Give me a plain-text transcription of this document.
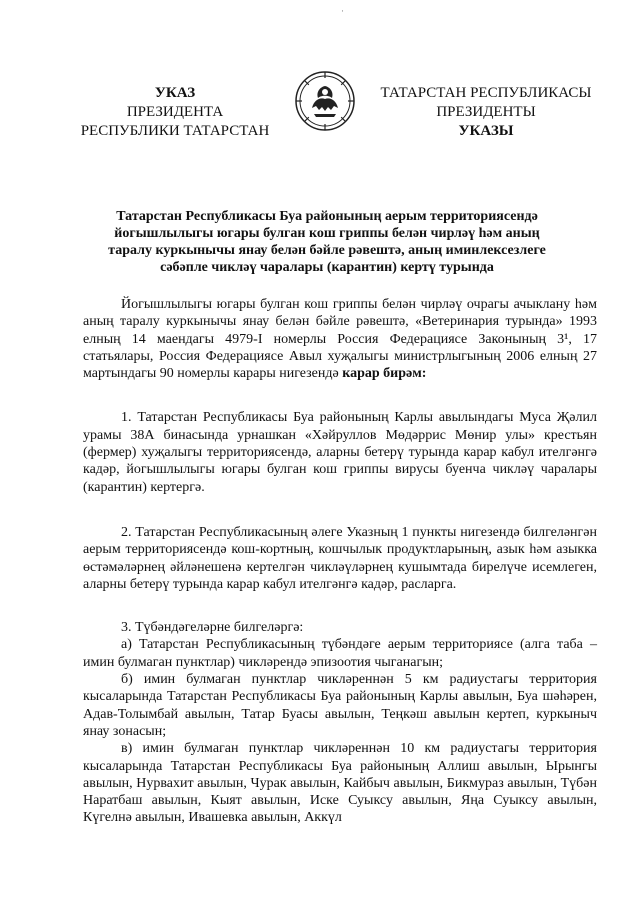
·
УКАЗ
ПРЕЗИДЕНТА
РЕСПУБЛИКИ ТАТАРСТАН
ТАТАРСТАН РЕСПУБЛИКАСЫ
ПРЕЗИДЕНТЫ
УКАЗЫ
Татарстан Республикасы Буа районының аерым территориясендә
йогышлылыгы югары булган кош гриппы белән чирләү һәм аның
таралу куркынычы янау белән бәйле рәвештә, аның иминлексезлеге
сәбәпле чикләү чаралары (карантин) кертү турында

Йогышлылыгы югары булган кош гриппы белән чирләү очрагы ачыклану һәм аның таралу куркынычы янау белән бәйле рәвештә, «Ветеринария турында» 1993 елның 14 маендагы 4979-I номерлы Россия Федерациясе Законының 3¹, 17 статьялары, Россия Федерациясе Авыл хуҗалыгы министрлыгының 2006 елның 27 мартындагы 90 номерлы карары нигезендә карар бирәм:

1. Татарстан Республикасы Буа районының Карлы авылындагы Муса Җәлил урамы 38А бинасында урнашкан «Хәйруллов Мөдәррис Мөнир улы» крестьян (фермер) хуҗалыгы территориясендә, аларны бетерү турында карар кабул ителгәнгә кадәр, йогышлылыгы югары булган кош гриппы вирусы буенча чикләү чаралары (карантин) кертергә.

2. Татарстан Республикасының әлеге Указның 1 пункты нигезендә билгеләнгән аерым территориясендә кош-кортның, кошчылык продуктларының, азык һәм азыкка өстәмәләрнең әйләнешенә кертелгән чикләүләрнең кушымтада бирелүче исемлеген, аларны бетерү турында карар кабул ителгәнгә кадәр, расларга.

3. Түбәндәгеләрне билгеләргә:

а) Татарстан Республикасының түбәндәге аерым территориясе (алга таба – имин булмаган пунктлар) чикләрендә эпизоотия чыганагын;

б) имин булмаган пунктлар чикләреннән 5 км радиустагы территория кысаларында Татарстан Республикасы Буа районының Карлы авылын, Буа шәһәрен, Адав-Толымбай авылын, Татар Буасы авылын, Теңкәш авылын кертеп, куркыныч янау зонасын;

в) имин булмаган пунктлар чикләреннән 10 км радиустагы территория кысаларында Татарстан Республикасы Буа районының Аллиш авылын, Ырынгы авылын, Нурвахит авылын, Чурак авылын, Кайбыч авылын, Бикмураз авылын, Түбән Наратбаш авылын, Кыят авылын, Иске Суыксу авылын, Яңа Суыксу авылын, Күгелнә авылын, Ивашевка авылын, Аккүл
